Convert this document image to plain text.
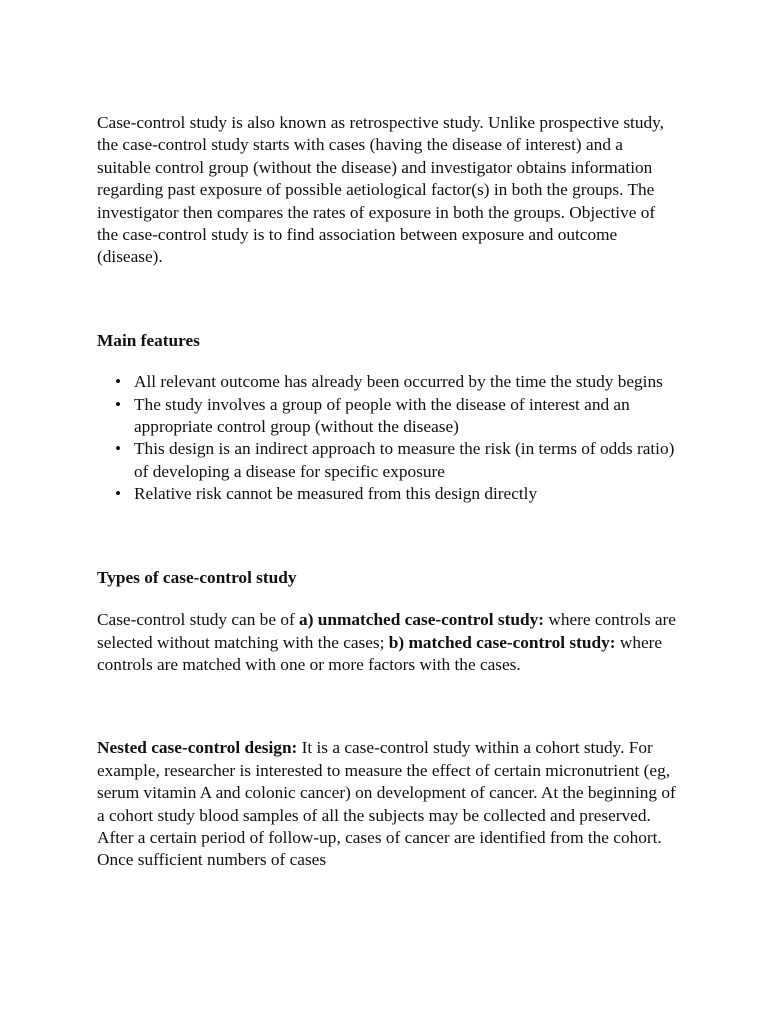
Case-control study is also known as retrospective study. Unlike prospective study, the case-control study starts with cases (having the disease of interest) and a suitable control group (without the disease) and investigator obtains information regarding past exposure of possible aetiological factor(s) in both the groups. The investigator then compares the rates of exposure in both the groups. Objective of the case-control study is to find association between exposure and outcome (disease).

Main features

• All relevant outcome has already been occurred by the time the study begins
• The study involves a group of people with the disease of interest and an appropriate control group (without the disease)
• This design is an indirect approach to measure the risk (in terms of odds ratio) of developing a disease for specific exposure
• Relative risk cannot be measured from this design directly

Types of case-control study

Case-control study can be of a) unmatched case-control study: where controls are selected without matching with the cases; b) matched case-control study: where controls are matched with one or more factors with the cases.

Nested case-control design: It is a case-control study within a cohort study. For example, researcher is interested to measure the effect of certain micronutrient (eg, serum vitamin A and colonic cancer) on development of cancer. At the beginning of a cohort study blood samples of all the subjects may be collected and preserved. After a certain period of follow-up, cases of cancer are identified from the cohort. Once sufficient numbers of cases
